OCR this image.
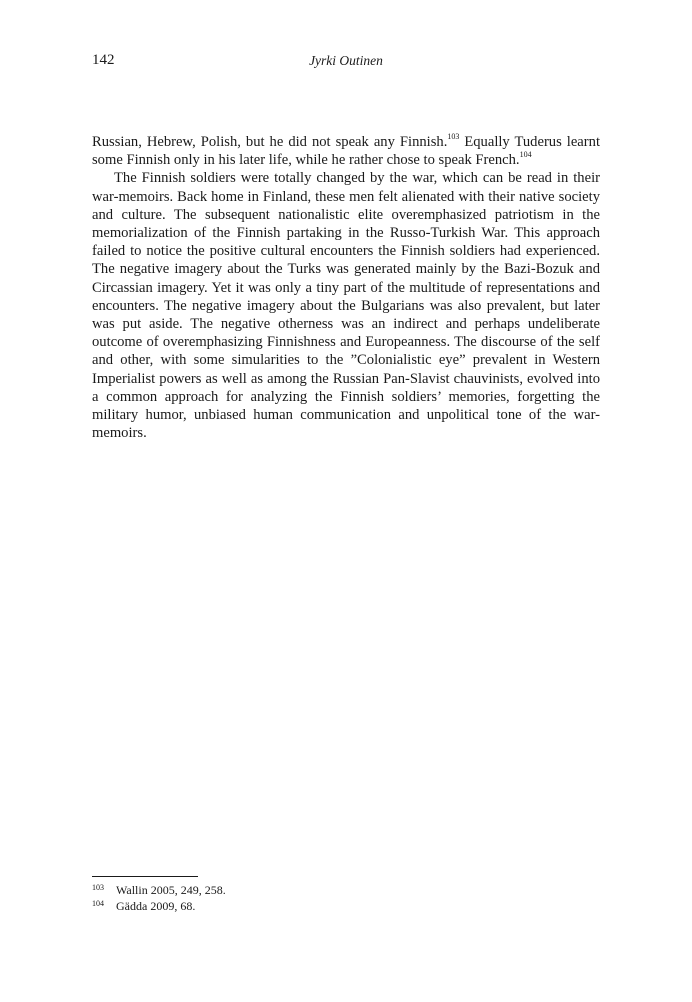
142	Jyrki Outinen

Russian, Hebrew, Polish, but he did not speak any Finnish.$^{103}$ Equally Tuderus learnt some Finnish only in his later life, while he rather chose to speak French.$^{104}$

The Finnish soldiers were totally changed by the war, which can be read in their war-memoirs. Back home in Finland, these men felt alienated with their native society and culture. The subsequent nationalistic elite overemphasized patriotism in the memorialization of the Finnish partaking in the Russo-Turkish War. This approach failed to notice the positive cultural encounters the Finnish soldiers had experienced. The negative imagery about the Turks was generated mainly by the Bazi-Bozuk and Circassian imagery. Yet it was only a tiny part of the multitude of representations and encounters. The negative imagery about the Bulgarians was also prevalent, but later was put aside. The negative otherness was an indirect and perhaps undeliberate outcome of overemphasizing Finnishness and Europeanness. The discourse of the self and other, with some simularities to the ”Colonialistic eye” prevalent in Western Imperialist powers as well as among the Russian Pan-Slavist chauvinists, evolved into a common approach for analyzing the Finnish soldiers’ memories, forgetting the military humor, unbiased human communication and unpolitical tone of the war-memoirs.

103	Wallin 2005, 249, 258.
104	Gädda 2009, 68.
